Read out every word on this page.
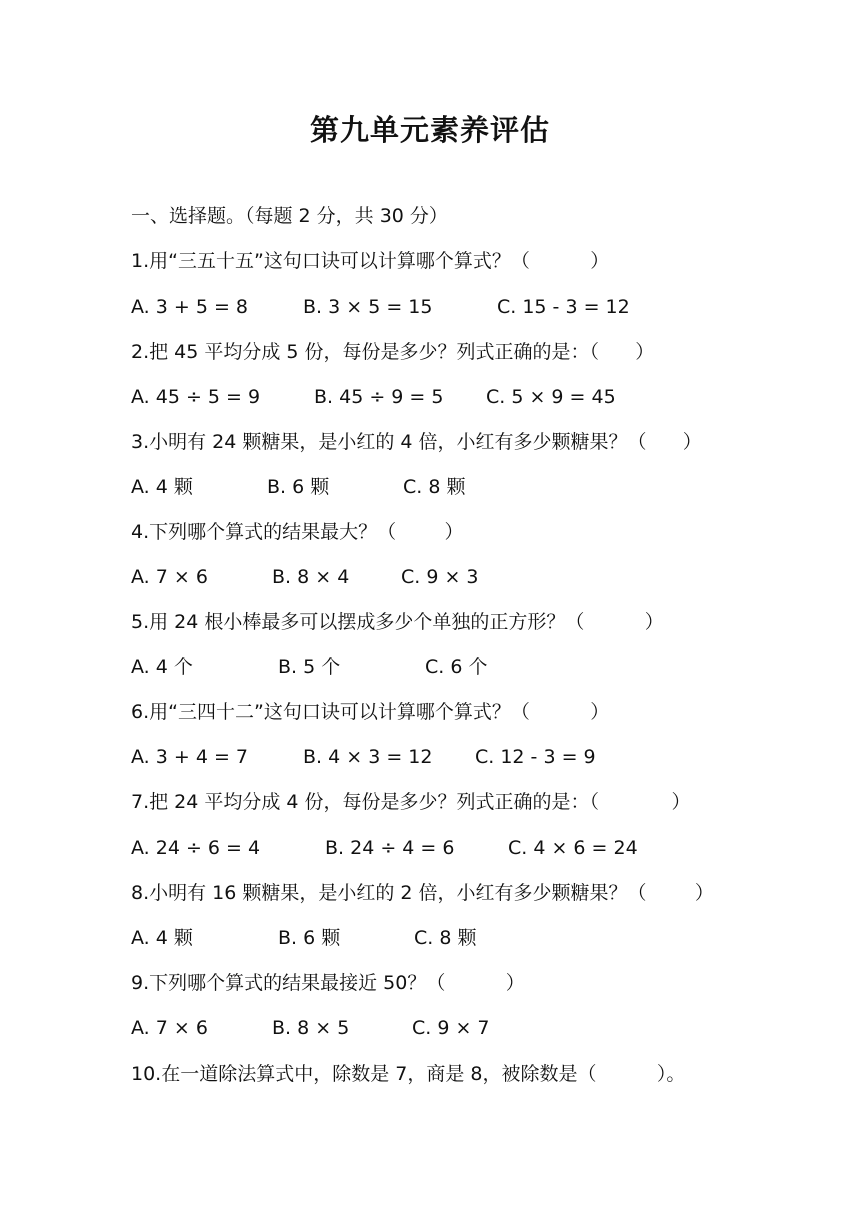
第九单元素养评估
一、选择题。（每题 2 分，共 30 分）
1.用“三五十五”这句口诀可以计算哪个算式？（          ）
A. 3 + 5 = 8	B. 3 × 5 = 15	C. 15 - 3 = 12
2.把 45 平均分成 5 份，每份是多少？列式正确的是：（      ）
A. 45 ÷ 5 = 9	B. 45 ÷ 9 = 5 C. 5 × 9 = 45
3.小明有 24 颗糖果，是小红的 4 倍，小红有多少颗糖果？（      ）
A. 4 颗	B. 6 颗	C. 8 颗
4.下列哪个算式的结果最大？（        ）
A. 7 × 6	B. 8 × 4	C. 9 × 3
5.用 24 根小棒最多可以摆成多少个单独的正方形？（          ）
A. 4 个	B. 5 个	C. 6 个
6.用“三四十二”这句口诀可以计算哪个算式？（          ）
A. 3 + 4 = 7	B. 4 × 3 = 12 C. 12 - 3 = 9
7.把 24 平均分成 4 份，每份是多少？列式正确的是：（            ）
A. 24 ÷ 6 = 4	B. 24 ÷ 4 = 6	C. 4 × 6 = 24
8.小明有 16 颗糖果，是小红的 2 倍，小红有多少颗糖果？（        ）
A. 4 颗	B. 6 颗	C. 8 颗
9.下列哪个算式的结果最接近 50？（          ）
A. 7 × 6	B. 8 × 5	C. 9 × 7
10.在一道除法算式中，除数是 7，商是 8，被除数是（          ）。
